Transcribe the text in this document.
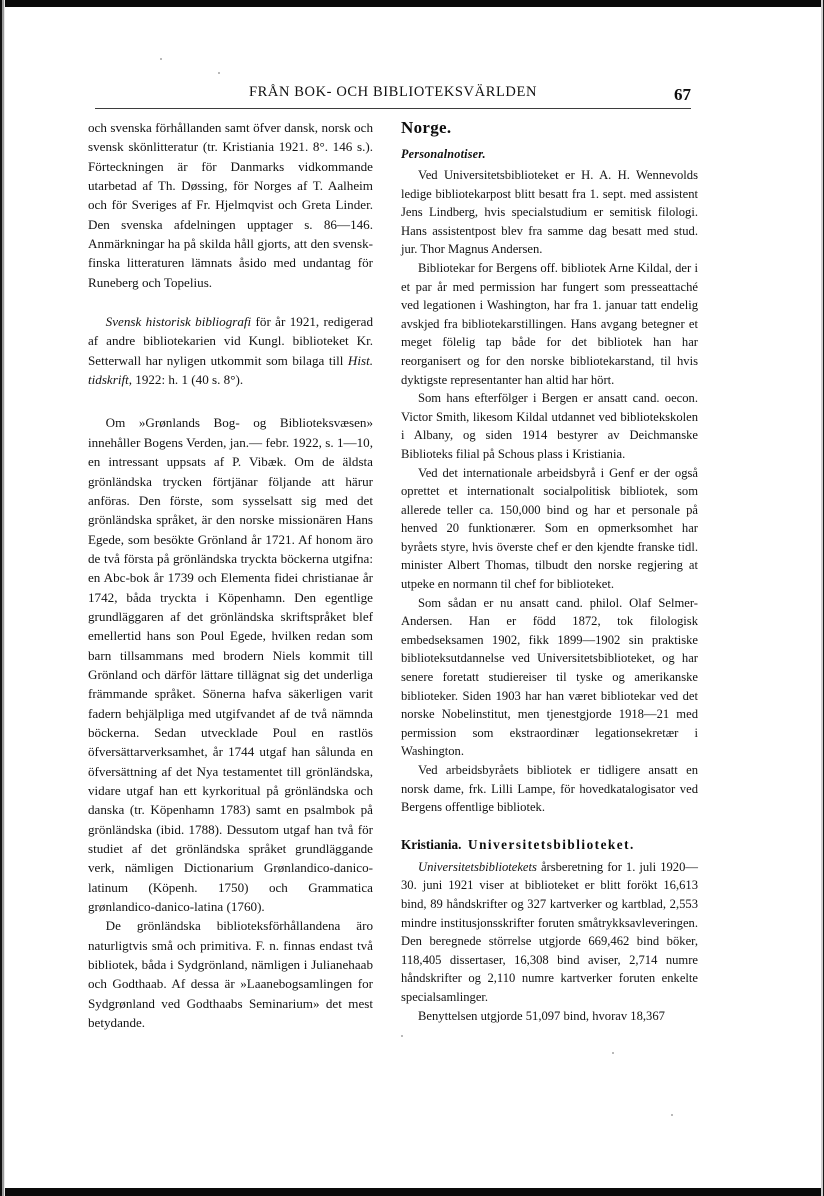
FRÅN BOK- OCH BIBLIOTEKSVÄRLDEN	67

och svenska förhållanden samt öfver dansk, norsk och svensk skönlitteratur (tr. Kristiania 1921. 8°. 146 s.). Förteckningen är för Danmarks vidkommande utarbetad af Th. Døssing, för Norges af T. Aalheim och för Sveriges af Fr. Hjelmqvist och Greta Linder. Den svenska afdelningen upptager s. 86—146. Anmärkningar ha på skilda håll gjorts, att den svensk-finska litteraturen lämnats åsido med undantag för Runeberg och Topelius.

Svensk historisk bibliografi för år 1921, redigerad af andre bibliotekarien vid Kungl. biblioteket Kr. Setterwall har nyligen utkommit som bilaga till Hist. tidskrift, 1922: h. 1 (40 s. 8°).

Om »Grønlands Bog- og Biblioteksvæsen» innehåller Bogens Verden, jan.— febr. 1922, s. 1—10, en intressant uppsats af P. Vibæk. Om de äldsta grönländska trycken förtjänar följande att härur anföras. Den förste, som sysselsatt sig med det grönländska språket, är den norske missionären Hans Egede, som besökte Grönland år 1721. Af honom äro de två första på grönländska tryckta böckerna utgifna: en Abc-bok år 1739 och Elementa fidei christianae år 1742, båda tryckta i Köpenhamn. Den egentlige grundläggaren af det grönländska skriftspråket blef emellertid hans son Poul Egede, hvilken redan som barn tillsammans med brodern Niels kommit till Grönland och därför lättare tillägnat sig det underliga främmande språket. Sönerna hafva säkerligen varit fadern behjälpliga med utgifvandet af de två nämnda böckerna. Sedan utvecklade Poul en rastlös öfversättarverksamhet, år 1744 utgaf han sålunda en öfversättning af det Nya testamentet till grönländska, vidare utgaf han ett kyrkoritual på grönländska och danska (tr. Köpenhamn 1783) samt en psalmbok på grönländska (ibid. 1788). Dessutom utgaf han två för studiet af det grönländska språket grundläggande verk, nämligen Dictionarium Grønlandico-danico-latinum (Köpenh. 1750) och Grammatica grønlandico-danico-latina (1760).

De grönländska biblioteksförhållandena äro naturligtvis små och primitiva. F. n. finnas endast två bibliotek, båda i Sydgrönland, nämligen i Julianehaab och Godthaab. Af dessa är »Laanebogsamlingen for Sydgrønland ved Godthaabs Seminarium» det mest betydande.

Norge.
Personalnotiser.

Ved Universitetsbiblioteket er H. A. H. Wennevolds ledige bibliotekarpost blitt besatt fra 1. sept. med assistent Jens Lindberg, hvis specialstudium er semitisk filologi. Hans assistentpost blev fra samme dag besatt med stud. jur. Thor Magnus Andersen.

Bibliotekar for Bergens off. bibliotek Arne Kildal, der i et par år med permission har fungert som presseattaché ved legationen i Washington, har fra 1. januar tatt endelig avskjed fra bibliotekarstillingen. Hans avgang betegner et meget fölelig tap både for det bibliotek han har reorganisert og for den norske bibliotekarstand, til hvis dyktigste representanter han altid har hört.

Som hans efterfölger i Bergen er ansatt cand. oecon. Victor Smith, likesom Kildal utdannet ved bibliotekskolen i Albany, og siden 1914 bestyrer av Deichmanske Biblioteks filial på Schous plass i Kristiania.

Ved det internationale arbeidsbyrå i Genf er der også oprettet et internationalt socialpolitisk bibliotek, som allerede teller ca. 150,000 bind og har et personale på henved 20 funktionærer. Som en opmerksomhet har byråets styre, hvis överste chef er den kjendte franske tidl. minister Albert Thomas, tilbudt den norske regjering at utpeke en normann til chef for biblioteket.

Som sådan er nu ansatt cand. philol. Olaf Selmer-Andersen. Han er född 1872, tok filologisk embedseksamen 1902, fikk 1899—1902 sin praktiske biblioteksutdannelse ved Universitetsbiblioteket, og har senere foretatt studiereiser til tyske og amerikanske biblioteker. Siden 1903 har han været bibliotekar ved det norske Nobelinstitut, men tjenestgjorde 1918—21 med permission som ekstraordinær legationsekretær i Washington.

Ved arbeidsbyråets bibliotek er tidligere ansatt en norsk dame, frk. Lilli Lampe, för hovedkatalogisator ved Bergens offentlige bibliotek.

Kristiania. Universitetsbiblioteket.

Universitetsbibliotekets årsberetning for 1. juli 1920—30. juni 1921 viser at biblioteket er blitt forökt 16,613 bind, 89 håndskrifter og 327 kartverker og kartblad, 2,553 mindre institusjonsskrifter foruten småtrykksavleveringen. Den beregnede störrelse utgjorde 669,462 bind böker, 118,405 dissertaser, 16,308 bind aviser, 2,714 numre håndskrifter og 2,110 numre kartverker foruten enkelte specialsamlinger.

Benyttelsen utgjorde 51,097 bind, hvorav 18,367
